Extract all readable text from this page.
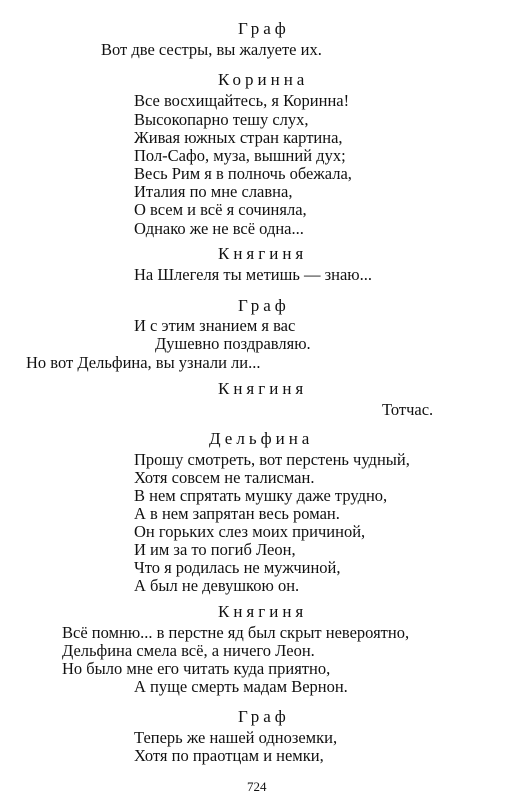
Граф
Вот две сестры, вы жалуете их.
Коринна
Все восхищайтесь, я Коринна!
Высокопарно тешу слух,
Живая южных стран картина,
Пол-Сафо, муза, вышний дух;
Весь Рим я в полночь обежала,
Италия по мне славна,
О всем и всё я сочиняла,
Однако же не всё одна...
Княгиня
На Шлегеля ты метишь — знаю...
Граф
И с этим знанием я вас
Душевно поздравляю.
Но вот Дельфина, вы узнали ли...
Княгиня
Тотчас.
Дельфина
Прошу смотреть, вот перстень чудный,
Хотя совсем не талисман.
В нем спрятать мушку даже трудно,
А в нем запрятан весь роман.
Он горьких слез моих причиной,
И им за то погиб Леон,
Что я родилась не мужчиной,
А был не девушкою он.
Княгиня
Всё помню... в перстне яд был скрыт невероятно,
Дельфина смела всё, а ничего Леон.
Но было мне его читать куда приятно,
А пуще смерть мадам Вернон.
Граф
Теперь же нашей одноземки,
Хотя по праотцам и немки,
724
